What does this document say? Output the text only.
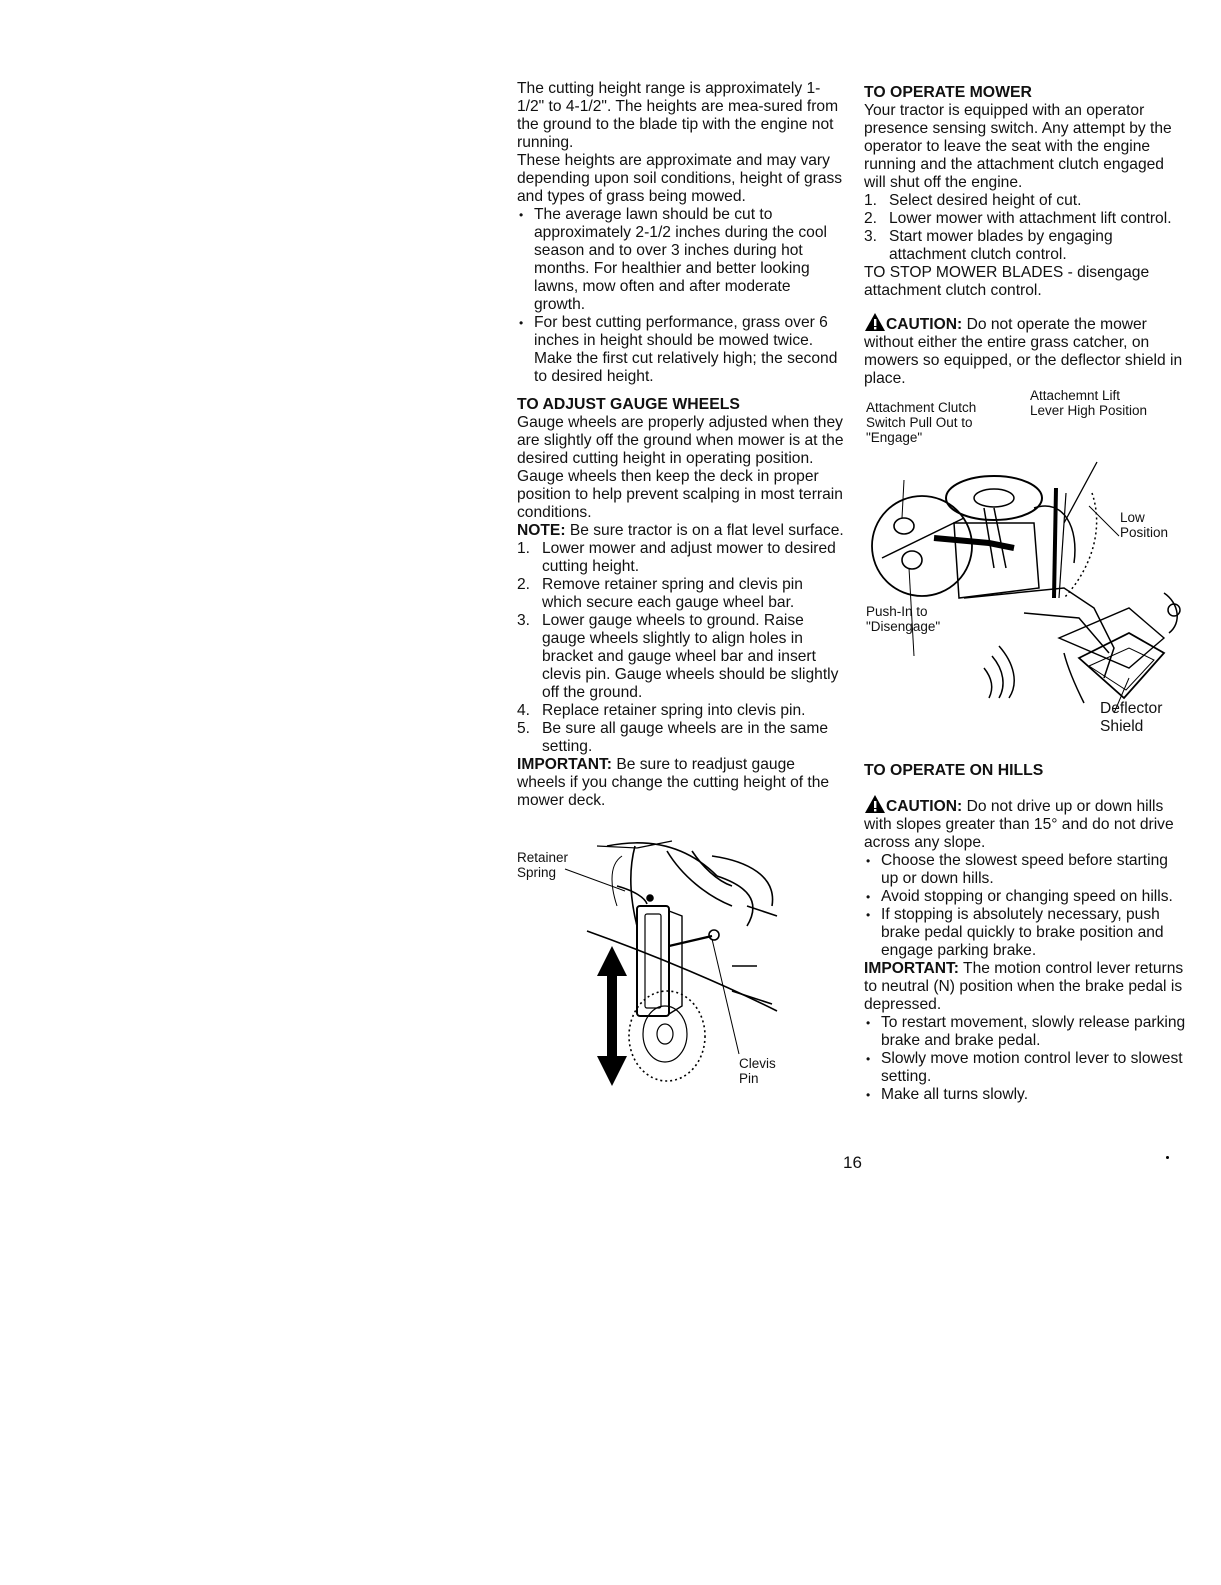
The cutting height range is approximately 1-1/2" to 4-1/2". The heights are mea-sured from the ground to the blade tip with the engine not running.

These heights are approximate and may vary depending upon soil conditions, height of grass and types of grass being mowed.

• The average lawn should be cut to approximately 2-1/2 inches during the cool season and to over 3 inches during hot months. For healthier and better looking lawns, mow often and after moderate growth.
• For best cutting performance, grass over 6 inches in height should be mowed twice. Make the first cut relatively high; the second to desired height.

TO ADJUST GAUGE WHEELS

Gauge wheels are properly adjusted when they are slightly off the ground when mower is at the desired cutting height in operating position. Gauge wheels then keep the deck in proper position to help prevent scalping in most terrain conditions.

NOTE: Be sure tractor is on a flat level surface.

1. Lower mower and adjust mower to desired cutting height.
2. Remove retainer spring and clevis pin which secure each gauge wheel bar.
3. Lower gauge wheels to ground. Raise gauge wheels slightly to align holes in bracket and gauge wheel bar and insert clevis pin. Gauge wheels should be slightly off the ground.
4. Replace retainer spring into clevis pin.
5. Be sure all gauge wheels are in the same setting.

IMPORTANT: Be sure to readjust gauge wheels if you change the cutting height of the mower deck.

Retainer
Spring
Clevis
Pin

TO OPERATE MOWER

Your tractor is equipped with an operator presence sensing switch. Any attempt by the operator to leave the seat with the engine running and the attachment clutch engaged will shut off the engine.

1. Select desired height of cut.
2. Lower mower with attachment lift control.
3. Start mower blades by engaging attachment clutch control.

TO STOP MOWER BLADES - disengage attachment clutch control.

CAUTION: Do not operate the mower without either the entire grass catcher, on mowers so equipped, or the deflector shield in place.

Attachment Clutch
Switch Pull Out to
"Engage"
Attachemnt Lift
Lever High Position
Low
Position
Push-In to
"Disengage"
Deflector
Shield

TO OPERATE ON HILLS

CAUTION: Do not drive up or down hills with slopes greater than 15° and do not drive across any slope.

• Choose the slowest speed before starting up or down hills.
• Avoid stopping or changing speed on hills.
• If stopping is absolutely necessary, push brake pedal quickly to brake position and engage parking brake.

IMPORTANT: The motion control lever returns to neutral (N) position when the brake pedal is depressed.

• To restart movement, slowly release parking brake and brake pedal.
• Slowly move motion control lever to slowest setting.
• Make all turns slowly.
16
